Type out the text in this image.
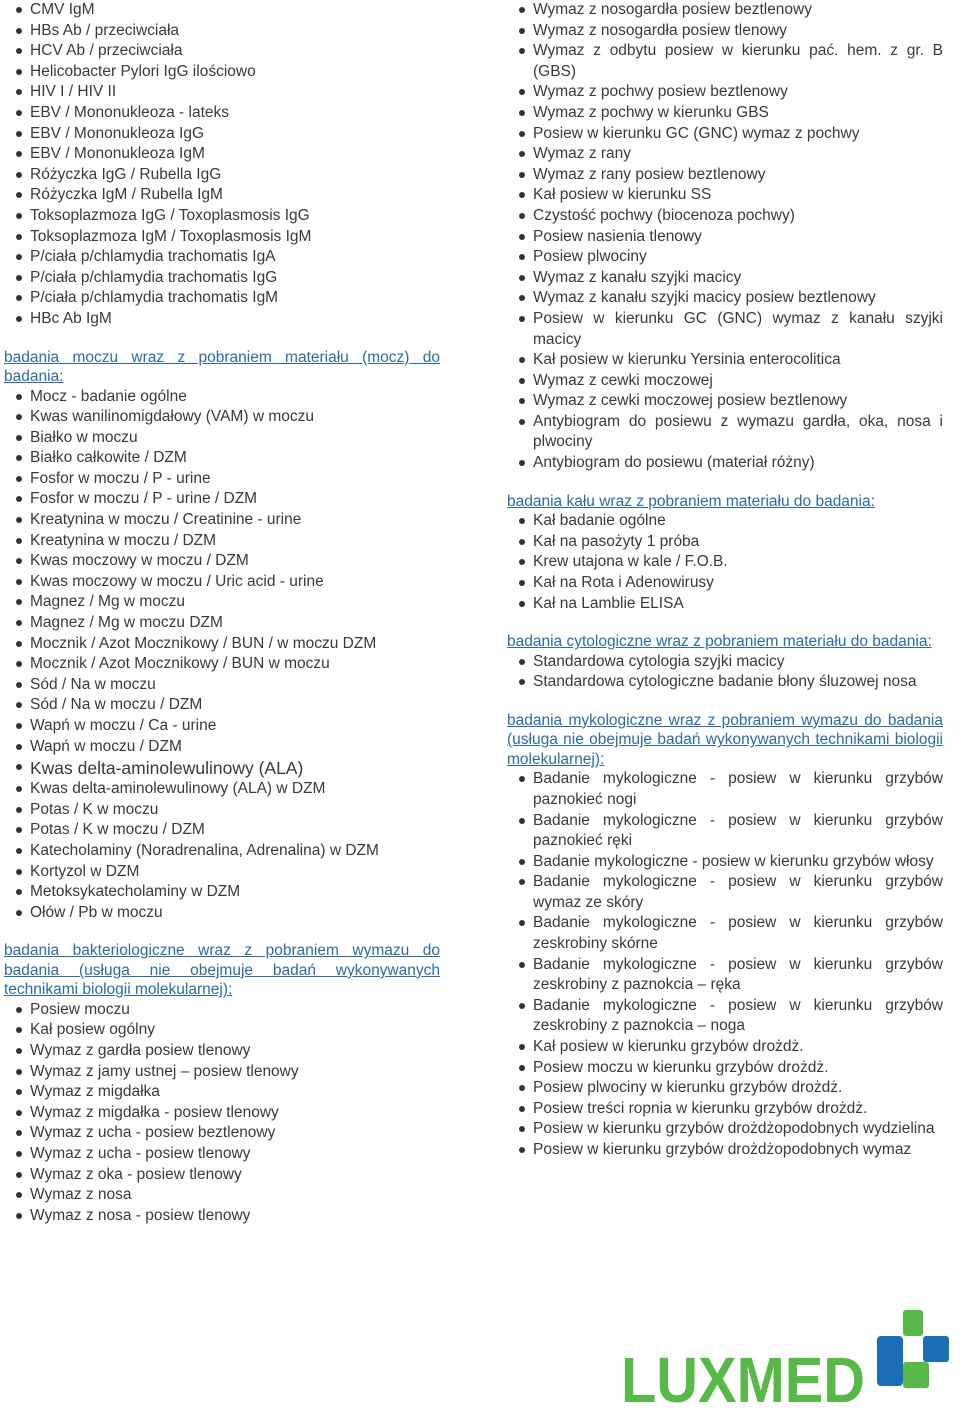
CMV IgM
HBs Ab / przeciwciała
HCV Ab / przeciwciała
Helicobacter Pylori IgG ilościowo
HIV I / HIV II
EBV / Mononukleoza - lateks
EBV / Mononukleoza IgG
EBV / Mononukleoza IgM
Różyczka IgG / Rubella IgG
Różyczka IgM / Rubella IgM
Toksoplazmoza IgG / Toxoplasmosis IgG
Toksoplazmoza IgM / Toxoplasmosis IgM
P/ciała p/chlamydia trachomatis IgA
P/ciała p/chlamydia trachomatis IgG
P/ciała p/chlamydia trachomatis IgM
HBc Ab IgM

badania moczu wraz z pobraniem materiału (mocz) do badania:

Mocz - badanie ogólne
Kwas wanilinomigdałowy (VAM) w moczu
Białko w moczu
Białko całkowite / DZM
Fosfor w moczu / P - urine
Fosfor w moczu / P - urine / DZM
Kreatynina w moczu / Creatinine - urine
Kreatynina w moczu / DZM
Kwas moczowy w moczu / DZM
Kwas moczowy w moczu / Uric acid - urine
Magnez / Mg w moczu
Magnez / Mg w moczu DZM
Mocznik / Azot Mocznikowy / BUN / w moczu DZM
Mocznik / Azot Mocznikowy / BUN w moczu
Sód / Na w moczu
Sód / Na w moczu / DZM
Wapń w moczu / Ca - urine
Wapń w moczu / DZM
Kwas delta-aminolewulinowy (ALA)
Kwas delta-aminolewulinowy (ALA) w DZM
Potas / K w moczu
Potas / K w moczu / DZM
Katecholaminy (Noradrenalina, Adrenalina) w DZM
Kortyzol w DZM
Metoksykatecholaminy w DZM
Ołów / Pb w moczu

badania bakteriologiczne wraz z pobraniem wymazu do badania (usługa nie obejmuje badań wykonywanych technikami biologii molekularnej):

Posiew moczu
Kał posiew ogólny
Wymaz z gardła posiew tlenowy
Wymaz z jamy ustnej – posiew tlenowy
Wymaz z migdałka
Wymaz z migdałka - posiew tlenowy
Wymaz z ucha - posiew beztlenowy
Wymaz z ucha - posiew tlenowy
Wymaz z oka - posiew tlenowy
Wymaz z nosa
Wymaz z nosa - posiew tlenowy
Wymaz z nosogardła posiew beztlenowy
Wymaz z nosogardła posiew tlenowy
Wymaz z odbytu posiew w kierunku pać. hem. z gr. B (GBS)
Wymaz z pochwy posiew beztlenowy
Wymaz z pochwy w kierunku GBS
Posiew w kierunku GC (GNC) wymaz z pochwy
Wymaz z rany
Wymaz z rany posiew beztlenowy
Kał posiew w kierunku SS
Czystość pochwy (biocenoza pochwy)
Posiew nasienia tlenowy
Posiew plwociny
Wymaz z kanału szyjki macicy
Wymaz z kanału szyjki macicy posiew beztlenowy
Posiew w kierunku GC (GNC) wymaz z kanału szyjki macicy
Kał posiew w kierunku Yersinia enterocolitica
Wymaz z cewki moczowej
Wymaz z cewki moczowej posiew beztlenowy
Antybiogram do posiewu z wymazu gardła, oka, nosa i plwociny
Antybiogram do posiewu (materiał różny)

badania kału wraz z pobraniem materiału do badania:

Kał badanie ogólne
Kał na pasożyty 1 próba
Krew utajona w kale / F.O.B.
Kał na Rota i Adenowirusy
Kał na Lamblie ELISA

badania cytologiczne wraz z pobraniem materiału do badania:

Standardowa cytologia szyjki macicy
Standardowa cytologiczne badanie błony śluzowej nosa

badania mykologiczne wraz z pobraniem wymazu do badania (usługa nie obejmuje badań wykonywanych technikami biologii molekularnej):

Badanie mykologiczne - posiew w kierunku grzybów paznokieć nogi
Badanie mykologiczne - posiew w kierunku grzybów paznokieć ręki
Badanie mykologiczne - posiew w kierunku grzybów włosy
Badanie mykologiczne - posiew w kierunku grzybów wymaz ze skóry
Badanie mykologiczne - posiew w kierunku grzybów zeskrobiny skórne
Badanie mykologiczne - posiew w kierunku grzybów zeskrobiny z paznokcia – ręka
Badanie mykologiczne - posiew w kierunku grzybów zeskrobiny z paznokcia – noga
Kał posiew w kierunku grzybów drożdż.
Posiew moczu w kierunku grzybów drożdż.
Posiew plwociny w kierunku grzybów drożdż.
Posiew treści ropnia w kierunku grzybów drożdż.
Posiew w kierunku grzybów drożdżopodobnych wydzielina
Posiew w kierunku grzybów drożdżopodobnych wymaz
LUXMED
